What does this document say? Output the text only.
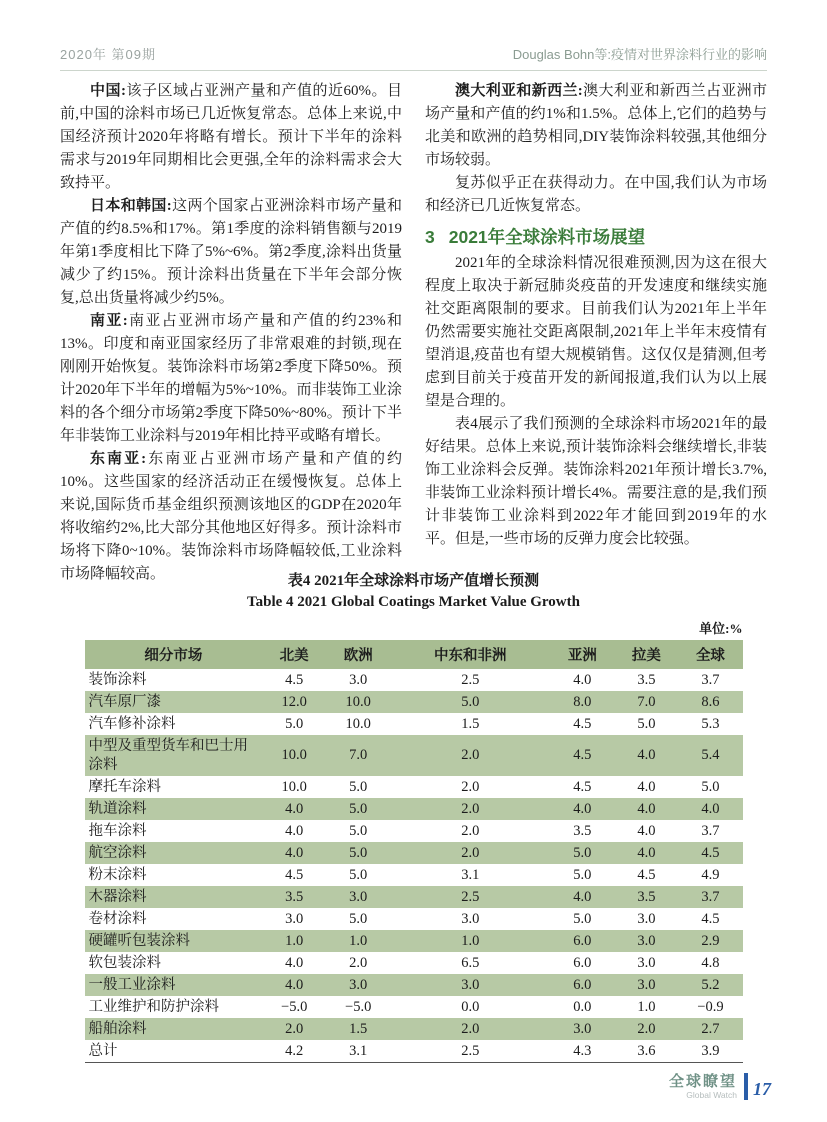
2020年 第09期	Douglas Bohn等:疫情对世界涂料行业的影响

中国:该子区域占亚洲产量和产值的近60%。目前,中国的涂料市场已几近恢复常态。总体上来说,中国经济预计2020年将略有增长。预计下半年的涂料需求与2019年同期相比会更强,全年的涂料需求会大致持平。

日本和韩国:这两个国家占亚洲涂料市场产量和产值的约8.5%和17%。第1季度的涂料销售额与2019年第1季度相比下降了5%~6%。第2季度,涂料出货量减少了约15%。预计涂料出货量在下半年会部分恢复,总出货量将减少约5%。

南亚:南亚占亚洲市场产量和产值的约23%和13%。印度和南亚国家经历了非常艰难的封锁,现在刚刚开始恢复。装饰涂料市场第2季度下降50%。预计2020年下半年的增幅为5%~10%。而非装饰工业涂料的各个细分市场第2季度下降50%~80%。预计下半年非装饰工业涂料与2019年相比持平或略有增长。

东南亚:东南亚占亚洲市场产量和产值的约10%。这些国家的经济活动正在缓慢恢复。总体上来说,国际货币基金组织预测该地区的GDP在2020年将收缩约2%,比大部分其他地区好得多。预计涂料市场将下降0~10%。装饰涂料市场降幅较低,工业涂料市场降幅较高。

澳大利亚和新西兰:澳大利亚和新西兰占亚洲市场产量和产值的约1%和1.5%。总体上,它们的趋势与北美和欧洲的趋势相同,DIY装饰涂料较强,其他细分市场较弱。

复苏似乎正在获得动力。在中国,我们认为市场和经济已几近恢复常态。

3 2021年全球涂料市场展望

2021年的全球涂料情况很难预测,因为这在很大程度上取决于新冠肺炎疫苗的开发速度和继续实施社交距离限制的要求。目前我们认为2021年上半年仍然需要实施社交距离限制,2021年上半年末疫情有望消退,疫苗也有望大规模销售。这仅仅是猜测,但考虑到目前关于疫苗开发的新闻报道,我们认为以上展望是合理的。

表4展示了我们预测的全球涂料市场2021年的最好结果。总体上来说,预计装饰涂料会继续增长,非装饰工业涂料会反弹。装饰涂料2021年预计增长3.7%,非装饰工业涂料预计增长4%。需要注意的是,我们预计非装饰工业涂料到2022年才能回到2019年的水平。但是,一些市场的反弹力度会比较强。

表4 2021年全球涂料市场产值增长预测
Table 4 2021 Global Coatings Market Value Growth
单位:%
细分市场	北美	欧洲	中东和非洲	亚洲	拉美	全球
装饰涂料	4.5	3.0	2.5	4.0	3.5	3.7
汽车原厂漆	12.0	10.0	5.0	8.0	7.0	8.6
汽车修补涂料	5.0	10.0	1.5	4.5	5.0	5.3
中型及重型货车和巴士用涂料	10.0	7.0	2.0	4.5	4.0	5.4
摩托车涂料	10.0	5.0	2.0	4.5	4.0	5.0
轨道涂料	4.0	5.0	2.0	4.0	4.0	4.0
拖车涂料	4.0	5.0	2.0	3.5	4.0	3.7
航空涂料	4.0	5.0	2.0	5.0	4.0	4.5
粉末涂料	4.5	5.0	3.1	5.0	4.5	4.9
木器涂料	3.5	3.0	2.5	4.0	3.5	3.7
卷材涂料	3.0	5.0	3.0	5.0	3.0	4.5
硬罐听包装涂料	1.0	1.0	1.0	6.0	3.0	2.9
软包装涂料	4.0	2.0	6.5	6.0	3.0	4.8
一般工业涂料	4.0	3.0	3.0	6.0	3.0	5.2
工业维护和防护涂料	−5.0	−5.0	0.0	0.0	1.0	−0.9
船舶涂料	2.0	1.5	2.0	3.0	2.0	2.7
总计	4.2	3.1	2.5	4.3	3.6	3.9
全球瞭望
Global Watch 17
